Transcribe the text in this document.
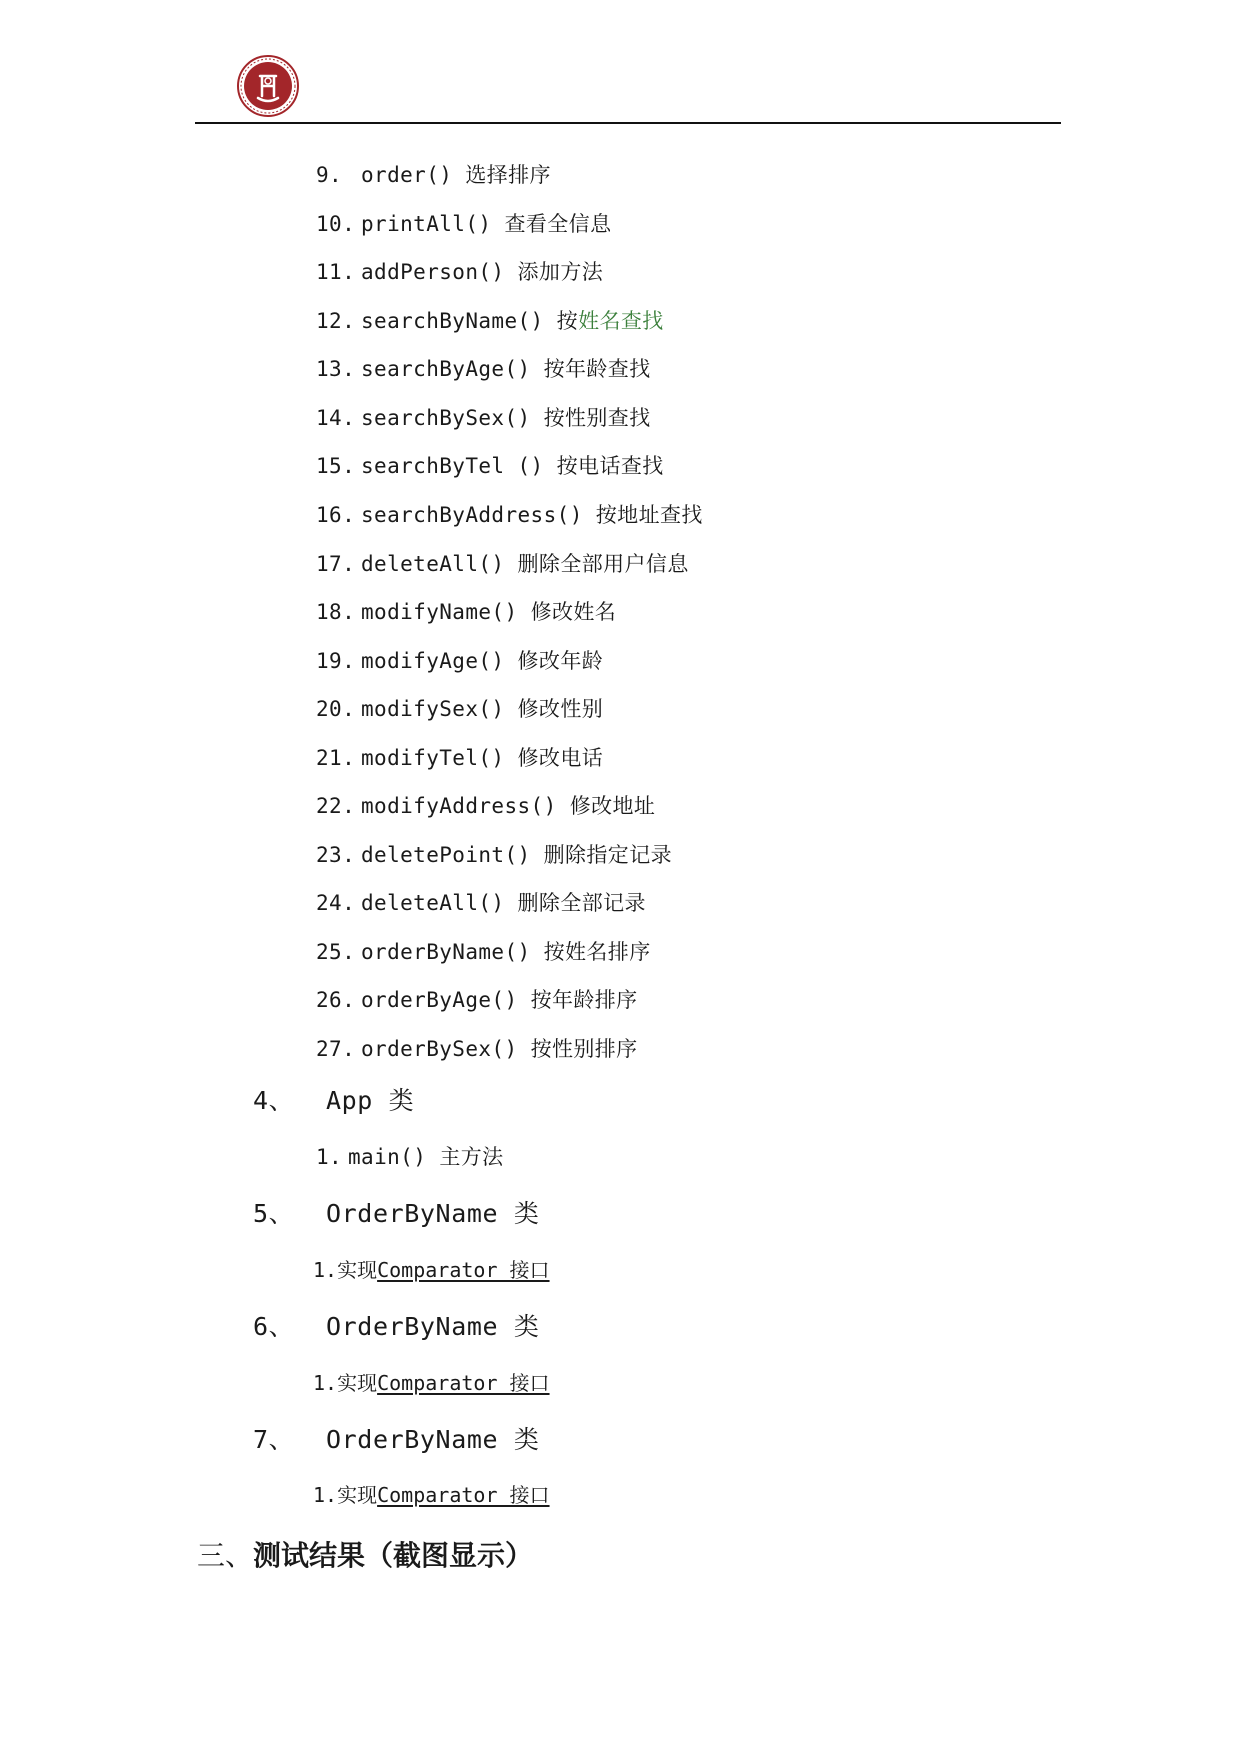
9. order() 选择排序
10. printAll() 查看全信息
11. addPerson() 添加方法
12. searchByName() 按姓名查找
13. searchByAge() 按年龄查找
14. searchBySex() 按性别查找
15. searchByTel () 按电话查找
16. searchByAddress() 按地址查找
17. deleteAll() 删除全部用户信息
18. modifyName() 修改姓名
19. modifyAge() 修改年龄
20. modifySex() 修改性别
21. modifyTel() 修改电话
22. modifyAddress() 修改地址
23. deletePoint() 删除指定记录
24. deleteAll() 删除全部记录
25. orderByName() 按姓名排序
26. orderByAge() 按年龄排序
27. orderBySex() 按性别排序
4、 App 类
1. main() 主方法
5、 OrderByName 类
1.实现Comparator 接口
6、 OrderByName 类
1.实现Comparator 接口
7、 OrderByName 类
1.实现Comparator 接口
三、测试结果（截图显示）
